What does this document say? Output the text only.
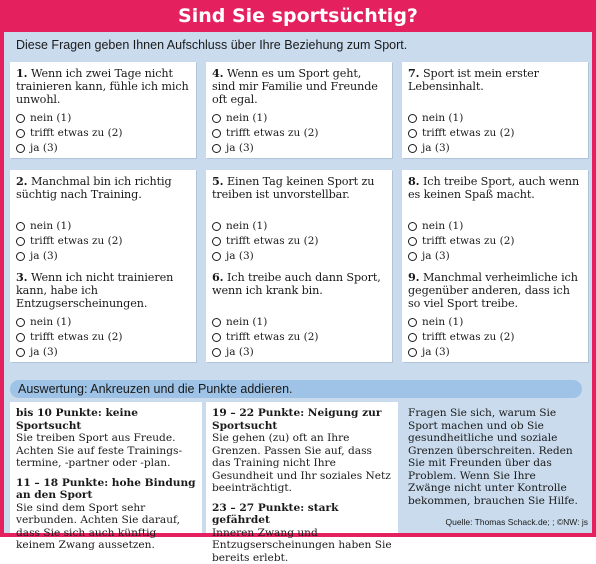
Sind Sie sportsüchtig?
Diese Fragen geben Ihnen Aufschluss über Ihre Beziehung zum Sport.
1. Wenn ich zwei Tage nicht trainieren kann, fühle ich mich unwohl.
nein (1)
trifft etwas zu (2)
ja (3)
2. Manchmal bin ich richtig süchtig nach Training.
nein (1)
trifft etwas zu (2)
ja (3)
3. Wenn ich nicht trainieren kann, habe ich Entzugserscheinungen.
nein (1)
trifft etwas zu (2)
ja (3)
4. Wenn es um Sport geht, sind mir Familie und Freunde oft egal.
nein (1)
trifft etwas zu (2)
ja (3)
5. Einen Tag keinen Sport zu treiben ist unvorstellbar.
nein (1)
trifft etwas zu (2)
ja (3)
6. Ich treibe auch dann Sport, wenn ich krank bin.
nein (1)
trifft etwas zu (2)
ja (3)
7. Sport ist mein erster Lebensinhalt.
nein (1)
trifft etwas zu (2)
ja (3)
8. Ich treibe Sport, auch wenn es keinen Spaß macht.
nein (1)
trifft etwas zu (2)
ja (3)
9. Manchmal verheimliche ich gegenüber anderen, dass ich so viel Sport treibe.
nein (1)
trifft etwas zu (2)
ja (3)
Auswertung: Ankreuzen und die Punkte addieren.

bis 10 Punkte: keine Sportsucht
Sie treiben Sport aus Freude. Achten Sie auf feste Trainings-termine, -partner oder -plan.

11 – 18 Punkte: hohe Bindung an den Sport
Sie sind dem Sport sehr verbunden. Achten Sie darauf, dass Sie sich auch künftig keinem Zwang aussetzen.

19 – 22 Punkte: Neigung zur Sportsucht
Sie gehen (zu) oft an Ihre Grenzen. Passen Sie auf, dass das Training nicht Ihre Gesundheit und Ihr soziales Netz beeinträchtigt.

23 – 27 Punkte: stark gefährdet
Inneren Zwang und Entzugserscheinungen haben Sie bereits erlebt.

Fragen Sie sich, warum Sie Sport machen und ob Sie gesundheitliche und soziale Grenzen überschreiten. Reden Sie mit Freunden über das Problem. Wenn Sie Ihre Zwänge nicht unter Kontrolle bekommen, brauchen Sie Hilfe.

Quelle: Thomas Schack.de; ; ©NW: js
